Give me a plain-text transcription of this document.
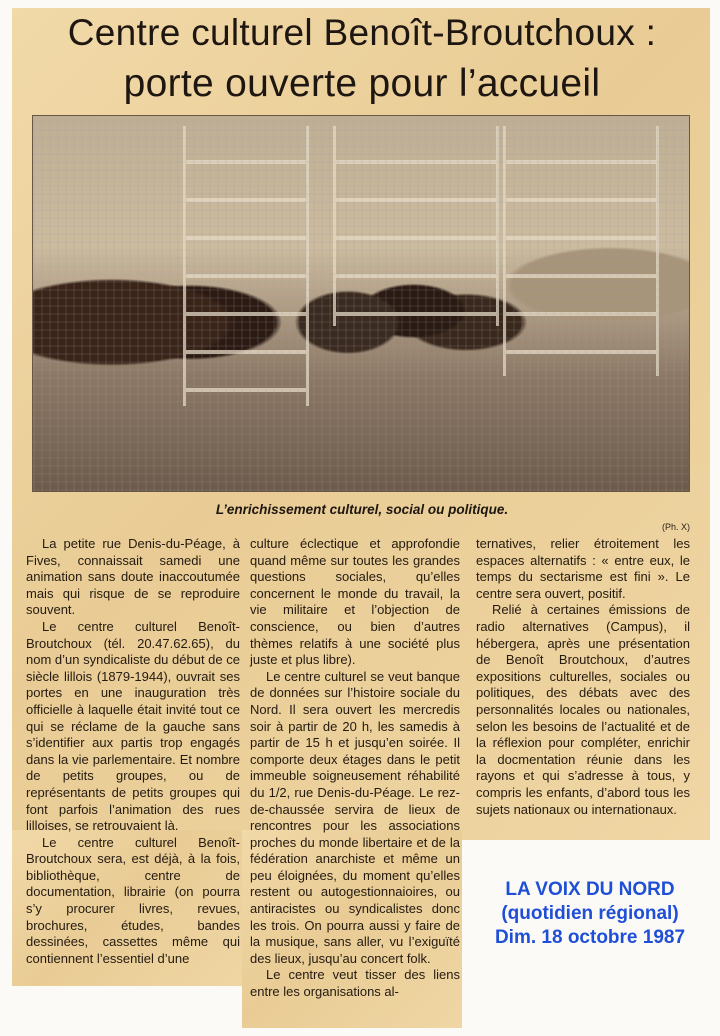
Centre culturel Benoît-Broutchoux :
porte ouverte pour l’accueil
L’enrichissement culturel, social ou politique.
(Ph. X)

La petite rue Denis-du-Péage, à Fives, connaissait samedi une animation sans doute inaccoutumée mais qui risque de se reproduire souvent.

Le centre culturel Benoît-Broutchoux (tél. 20.47.62.65), du nom d’un syndicaliste du début de ce siècle lillois (1879-1944), ouvrait ses portes en une inauguration très officielle à laquelle était invité tout ce qui se réclame de la gauche sans s’identifier aux partis trop engagés dans la vie parlementaire. Et nombre de petits groupes, ou de représentants de petits groupes qui font parfois l’animation des rues lilloises, se retrouvaient là.

Le centre culturel Benoît-Broutchoux sera, est déjà, à la fois, bibliothèque, centre de documentation, librairie (on pourra s’y procurer livres, revues, brochures, études, bandes dessinées, cassettes même qui contiennent l’essentiel d’une

culture éclectique et approfondie quand même sur toutes les grandes questions sociales, qu’elles concernent le monde du travail, la vie militaire et l’objection de conscience, ou bien d’autres thèmes relatifs à une société plus juste et plus libre).

Le centre culturel se veut banque de données sur l’histoire sociale du Nord. Il sera ouvert les mercredis soir à partir de 20 h, les samedis à partir de 15 h et jusqu’en soirée. Il comporte deux étages dans le petit immeuble soigneusement réhabilité du 1/2, rue Denis-du-Péage. Le rez-de-chaussée servira de lieux de rencontres pour les associations proches du monde libertaire et de la fédération anarchiste et même un peu éloignées, du moment qu’elles restent ou autogestionnaioires, ou antiracistes ou syndicalistes donc les trois. On pourra aussi y faire de la musique, sans aller, vu l’exiguïté des lieux, jusqu’au concert folk.

Le centre veut tisser des liens entre les organisations al-

ternatives, relier étroitement les espaces alternatifs : « entre eux, le temps du sectarisme est fini ». Le centre sera ouvert, positif.

Relié à certaines émissions de radio alternatives (Campus), il hébergera, après une présentation de Benoît Broutchoux, d’autres expositions culturelles, sociales ou politiques, des débats avec des personnalités locales ou nationales, selon les besoins de l’actualité et de la réflexion pour compléter, enrichir la docmentation réunie dans les rayons et qui s’adresse à tous, y compris les enfants, d’abord tous les sujets nationaux ou internationaux.

LA VOIX DU NORD
(quotidien régional)
Dim. 18 octobre 1987
